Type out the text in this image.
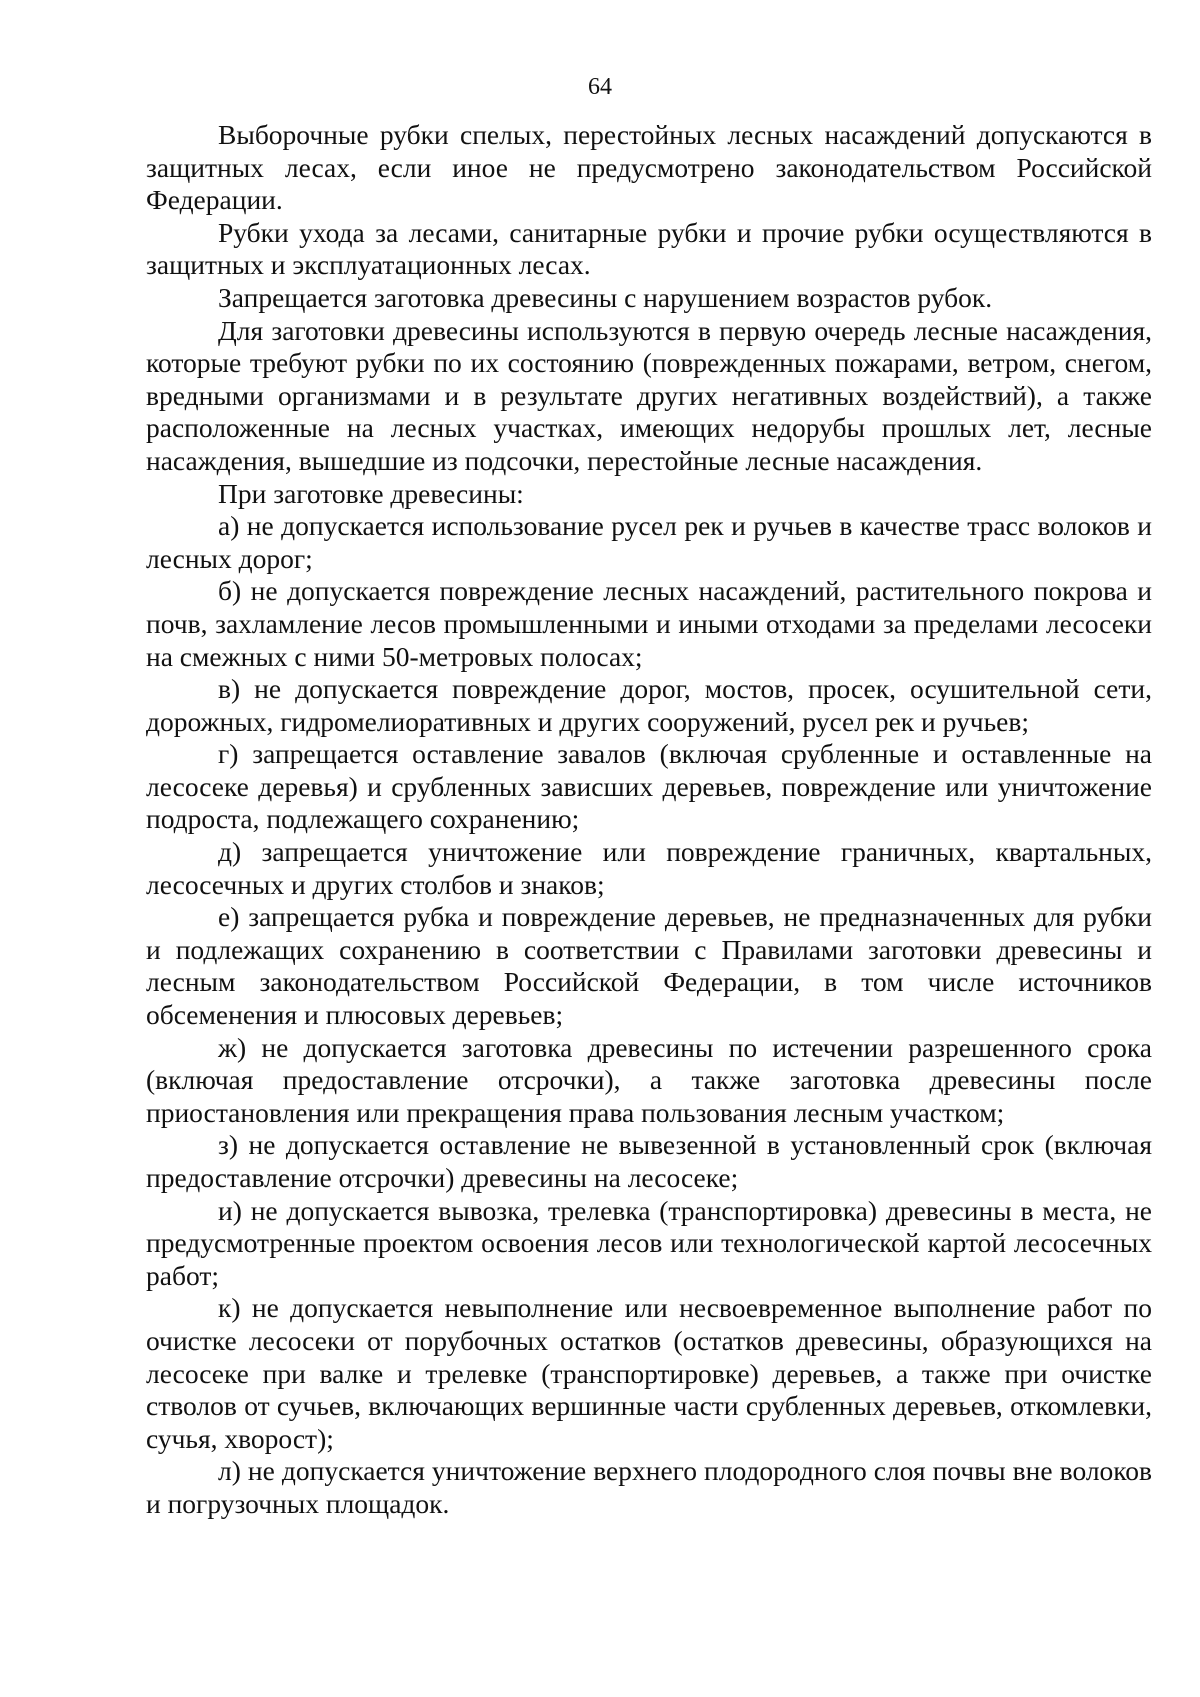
64

Выборочные рубки спелых, перестойных лесных насаждений допускаются в защитных лесах, если иное не предусмотрено законодательством Российской Федерации.

Рубки ухода за лесами, санитарные рубки и прочие рубки осуществляются в защитных и эксплуатационных лесах.

Запрещается заготовка древесины с нарушением возрастов рубок.

Для заготовки древесины используются в первую очередь лесные насаждения, которые требуют рубки по их состоянию (поврежденных пожарами, ветром, снегом, вредными организмами и в результате других негативных воздействий), а также расположенные на лесных участках, имеющих недорубы прошлых лет, лесные насаждения, вышедшие из подсочки, перестойные лесные насаждения.

При заготовке древесины:

а) не допускается использование русел рек и ручьев в качестве трасс волоков и лесных дорог;

б) не допускается повреждение лесных насаждений, растительного покрова и почв, захламление лесов промышленными и иными отходами за пределами лесосеки на смежных с ними 50-метровых полосах;

в) не допускается повреждение дорог, мостов, просек, осушительной сети, дорожных, гидромелиоративных и других сооружений, русел рек и ручьев;

г) запрещается оставление завалов (включая срубленные и оставленные на лесосеке деревья) и срубленных зависших деревьев, повреждение или уничтожение подроста, подлежащего сохранению;

д) запрещается уничтожение или повреждение граничных, квартальных, лесосечных и других столбов и знаков;

е) запрещается рубка и повреждение деревьев, не предназначенных для рубки и подлежащих сохранению в соответствии с Правилами заготовки древесины и лесным законодательством Российской Федерации, в том числе источников обсеменения и плюсовых деревьев;

ж) не допускается заготовка древесины по истечении разрешенного срока (включая предоставление отсрочки), а также заготовка древесины после приостановления или прекращения права пользования лесным участком;

з) не допускается оставление не вывезенной в установленный срок (включая предоставление отсрочки) древесины на лесосеке;

и) не допускается вывозка, трелевка (транспортировка) древесины в места, не предусмотренные проектом освоения лесов или технологической картой лесосечных работ;

к) не допускается невыполнение или несвоевременное выполнение работ по очистке лесосеки от порубочных остатков (остатков древесины, образующихся на лесосеке при валке и трелевке (транспортировке) деревьев, а также при очистке стволов от сучьев, включающих вершинные части срубленных деревьев, откомлевки, сучья, хворост);

л) не допускается уничтожение верхнего плодородного слоя почвы вне волоков и погрузочных площадок.
